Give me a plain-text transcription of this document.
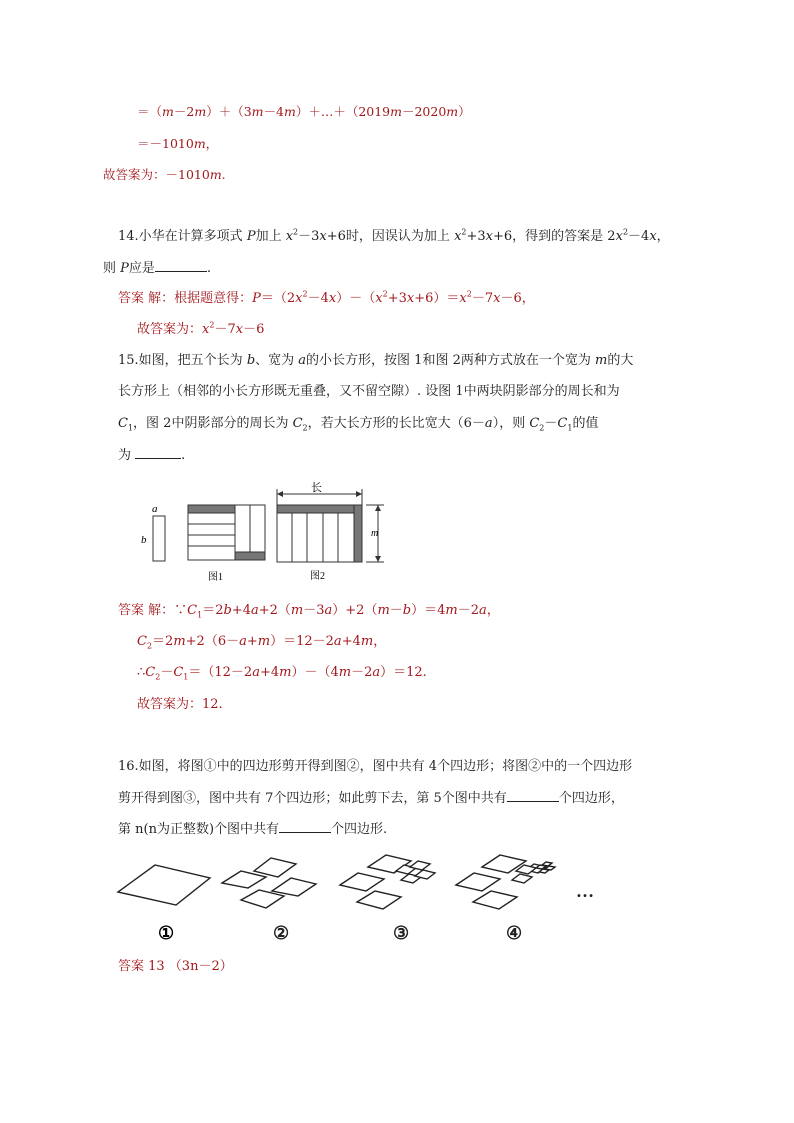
＝（m－2m）＋（3m－4m）＋…＋（2019m－2020m）
＝－1010m，
故答案为：－1010m.
14.小华在计算多项式 P加上 $x^2-3x+6$时，因误认为加上 $x^2+3x+6$，得到的答案是 $2x^2-4x$，
则 P应是	.
答案 解：根据题意得：$P=(2x^2-4x)-(x^2+3x+6)=x^2-7x-6$，
故答案为：$x^2-7x-6$
15.如图，把五个长为 b、宽为 a的小长方形，按图 1和图 2两种方式放在一个宽为 m的大
长方形上（相邻的小长方形既无重叠，又不留空隙）. 设图 1中两块阴影部分的周长和为
$C_1$，图 2中阴影部分的周长为 $C_2$，若大长方形的长比宽大（6－a），则 $C_2-C_1$的值
为	.
a
b
图1
长
m
图2
答案 解：$\because C_1=2b+4a+2(m-3a)+2(m-b)=4m-2a$，
$C_2=2m+2(6-a+m)=12-2a+4m$，
$\therefore C_2-C_1=(12-2a+4m)-(4m-2a)=12$.
故答案为：12.
16.如图，将图①中的四边形剪开得到图②，图中共有 4个四边形；将图②中的一个四边形
剪开得到图③，图中共有 7个四边形；如此剪下去，第 5个图中共有	个四边形，
第 n(n为正整数)个图中共有	个四边形.
①	②	③	④
…
答案 13 （3n－2）
